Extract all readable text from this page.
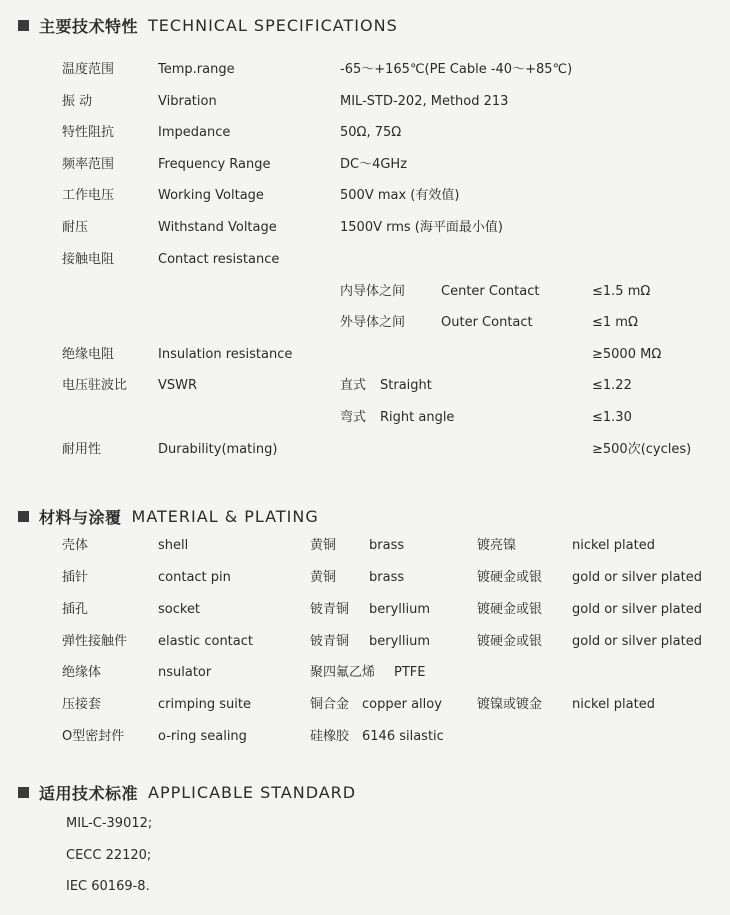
主要技术特性 TECHNICAL SPECIFICATIONS
温度范围	Temp.range	-65～+165℃(PE Cable -40～+85℃)
振 动	Vibration	MIL-STD-202, Method 213
特性阻抗	Impedance	50Ω, 75Ω
频率范围	Frequency Range	DC～4GHz
工作电压	Working Voltage	500V max (有效值)
耐压	Withstand Voltage	1500V rms (海平面最小值)
接触电阻	Contact resistance
内导体之间	Center Contact	≤1.5 mΩ
外导体之间	Outer Contact	≤1 mΩ
绝缘电阻	Insulation resistance	≥5000 MΩ
电压驻波比 VSWR	直式 Straight	≤1.22
弯式 Right angle	≤1.30
耐用性	Durability(mating)	≥500次(cycles)
材料与涂覆 MATERIAL & PLATING
壳体	shell	黄铜	brass	镀亮镍	nickel plated
插针	contact pin	黄铜	brass	镀硬金或银 gold or silver plated
插孔	socket	铍青铜 beryllium	镀硬金或银 gold or silver plated
弹性接触件 elastic contact	铍青铜 beryllium	镀硬金或银 gold or silver plated
绝缘体	nsulator	聚四氟乙烯 PTFE
压接套	crimping suite	铜合金 copper alloy	镀镍或镀金 nickel plated
O型密封件	o-ring sealing	硅橡胶 6146 silastic
适用技术标准 APPLICABLE STANDARD
MIL-C-39012;
CECC 22120;
IEC 60169-8.
